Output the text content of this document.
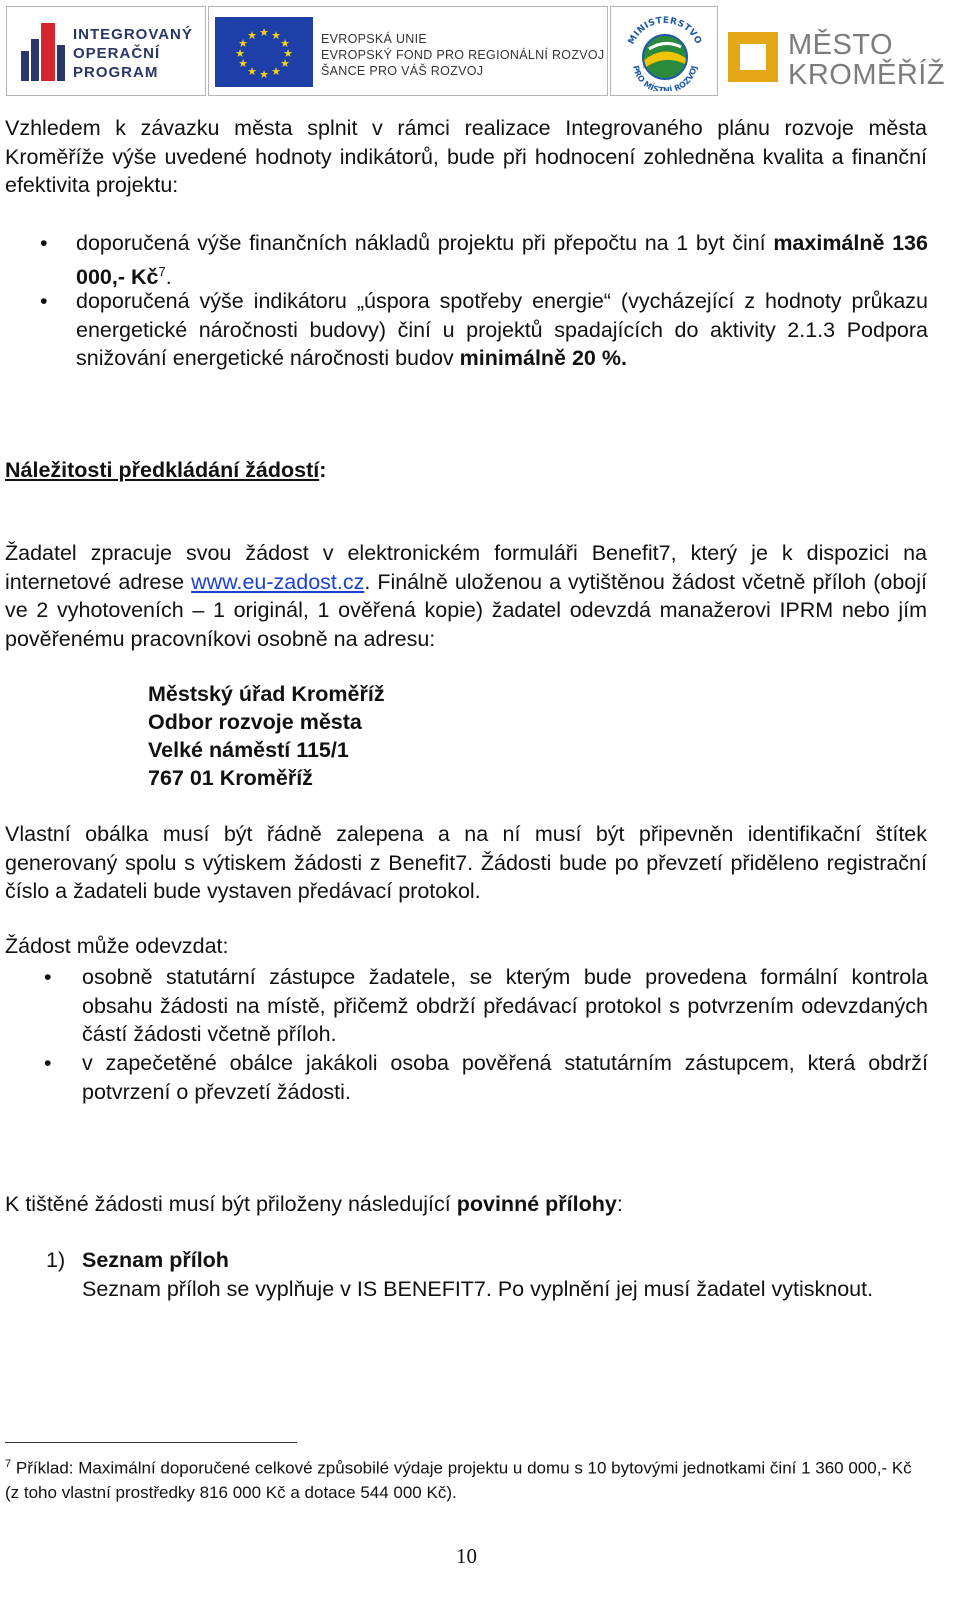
INTEGROVANÝ
OPERAČNÍ
PROGRAM
★ ★
★
★
★
★
★
★
★
★
★
★	EVROPSKÁ UNIE
EVROPSKÝ FOND PRO REGIONÁLNÍ ROZVOJ
ŠANCE PRO VÁŠ ROZVOJ
MINISTERSTVO
PRO MÍSTNÍ ROZVOJ
MĚSTO
KROMĚŘÍŽ

Vzhledem k závazku města splnit v rámci realizace Integrovaného plánu rozvoje města Kroměříže výše uvedené hodnoty indikátorů, bude při hodnocení zohledněna kvalita a finanční efektivita projektu:

• doporučená výše finančních nákladů projektu při přepočtu na 1 byt činí maximálně 136 000,- Kč$^7$.
• doporučená výše indikátoru „úspora spotřeby energie“ (vycházející z hodnoty průkazu energetické náročnosti budovy) činí u projektů spadajících do aktivity 2.1.3 Podpora snižování energetické náročnosti budov minimálně 20 %.
Náležitosti předkládání žádostí:

Žadatel zpracuje svou žádost v elektronickém formuláři Benefit7, který je k dispozici na internetové adrese www.eu-zadost.cz. Finálně uloženou a vytištěnou žádost včetně příloh (obojí ve 2 vyhotoveních – 1 originál, 1 ověřená kopie) žadatel odevzdá manažerovi IPRM nebo jím pověřenému pracovníkovi osobně na adresu:

Městský úřad Kroměříž
Odbor rozvoje města
Velké náměstí 115/1
767 01 Kroměříž

Vlastní obálka musí být řádně zalepena a na ní musí být připevněn identifikační štítek generovaný spolu s výtiskem žádosti z Benefit7. Žádosti bude po převzetí přiděleno registrační číslo a žadateli bude vystaven předávací protokol.

Žádost může odevzdat:
• osobně statutární zástupce žadatele, se kterým bude provedena formální kontrola obsahu žádosti na místě, přičemž obdrží předávací protokol s potvrzením odevzdaných částí žádosti včetně příloh.
• v zapečetěné obálce jakákoli osoba pověřená statutárním zástupcem, která obdrží potvrzení o převzetí žádosti.
K tištěné žádosti musí být přiloženy následující povinné přílohy:
1) Seznam příloh
Seznam příloh se vyplňuje v IS BENEFIT7. Po vyplnění jej musí žadatel vytisknout.
$^7$ Příklad: Maximální doporučené celkové způsobilé výdaje projektu u domu s 10 bytovými jednotkami činí 1 360 000,- Kč (z toho vlastní prostředky 816 000 Kč a dotace 544 000 Kč).
10
